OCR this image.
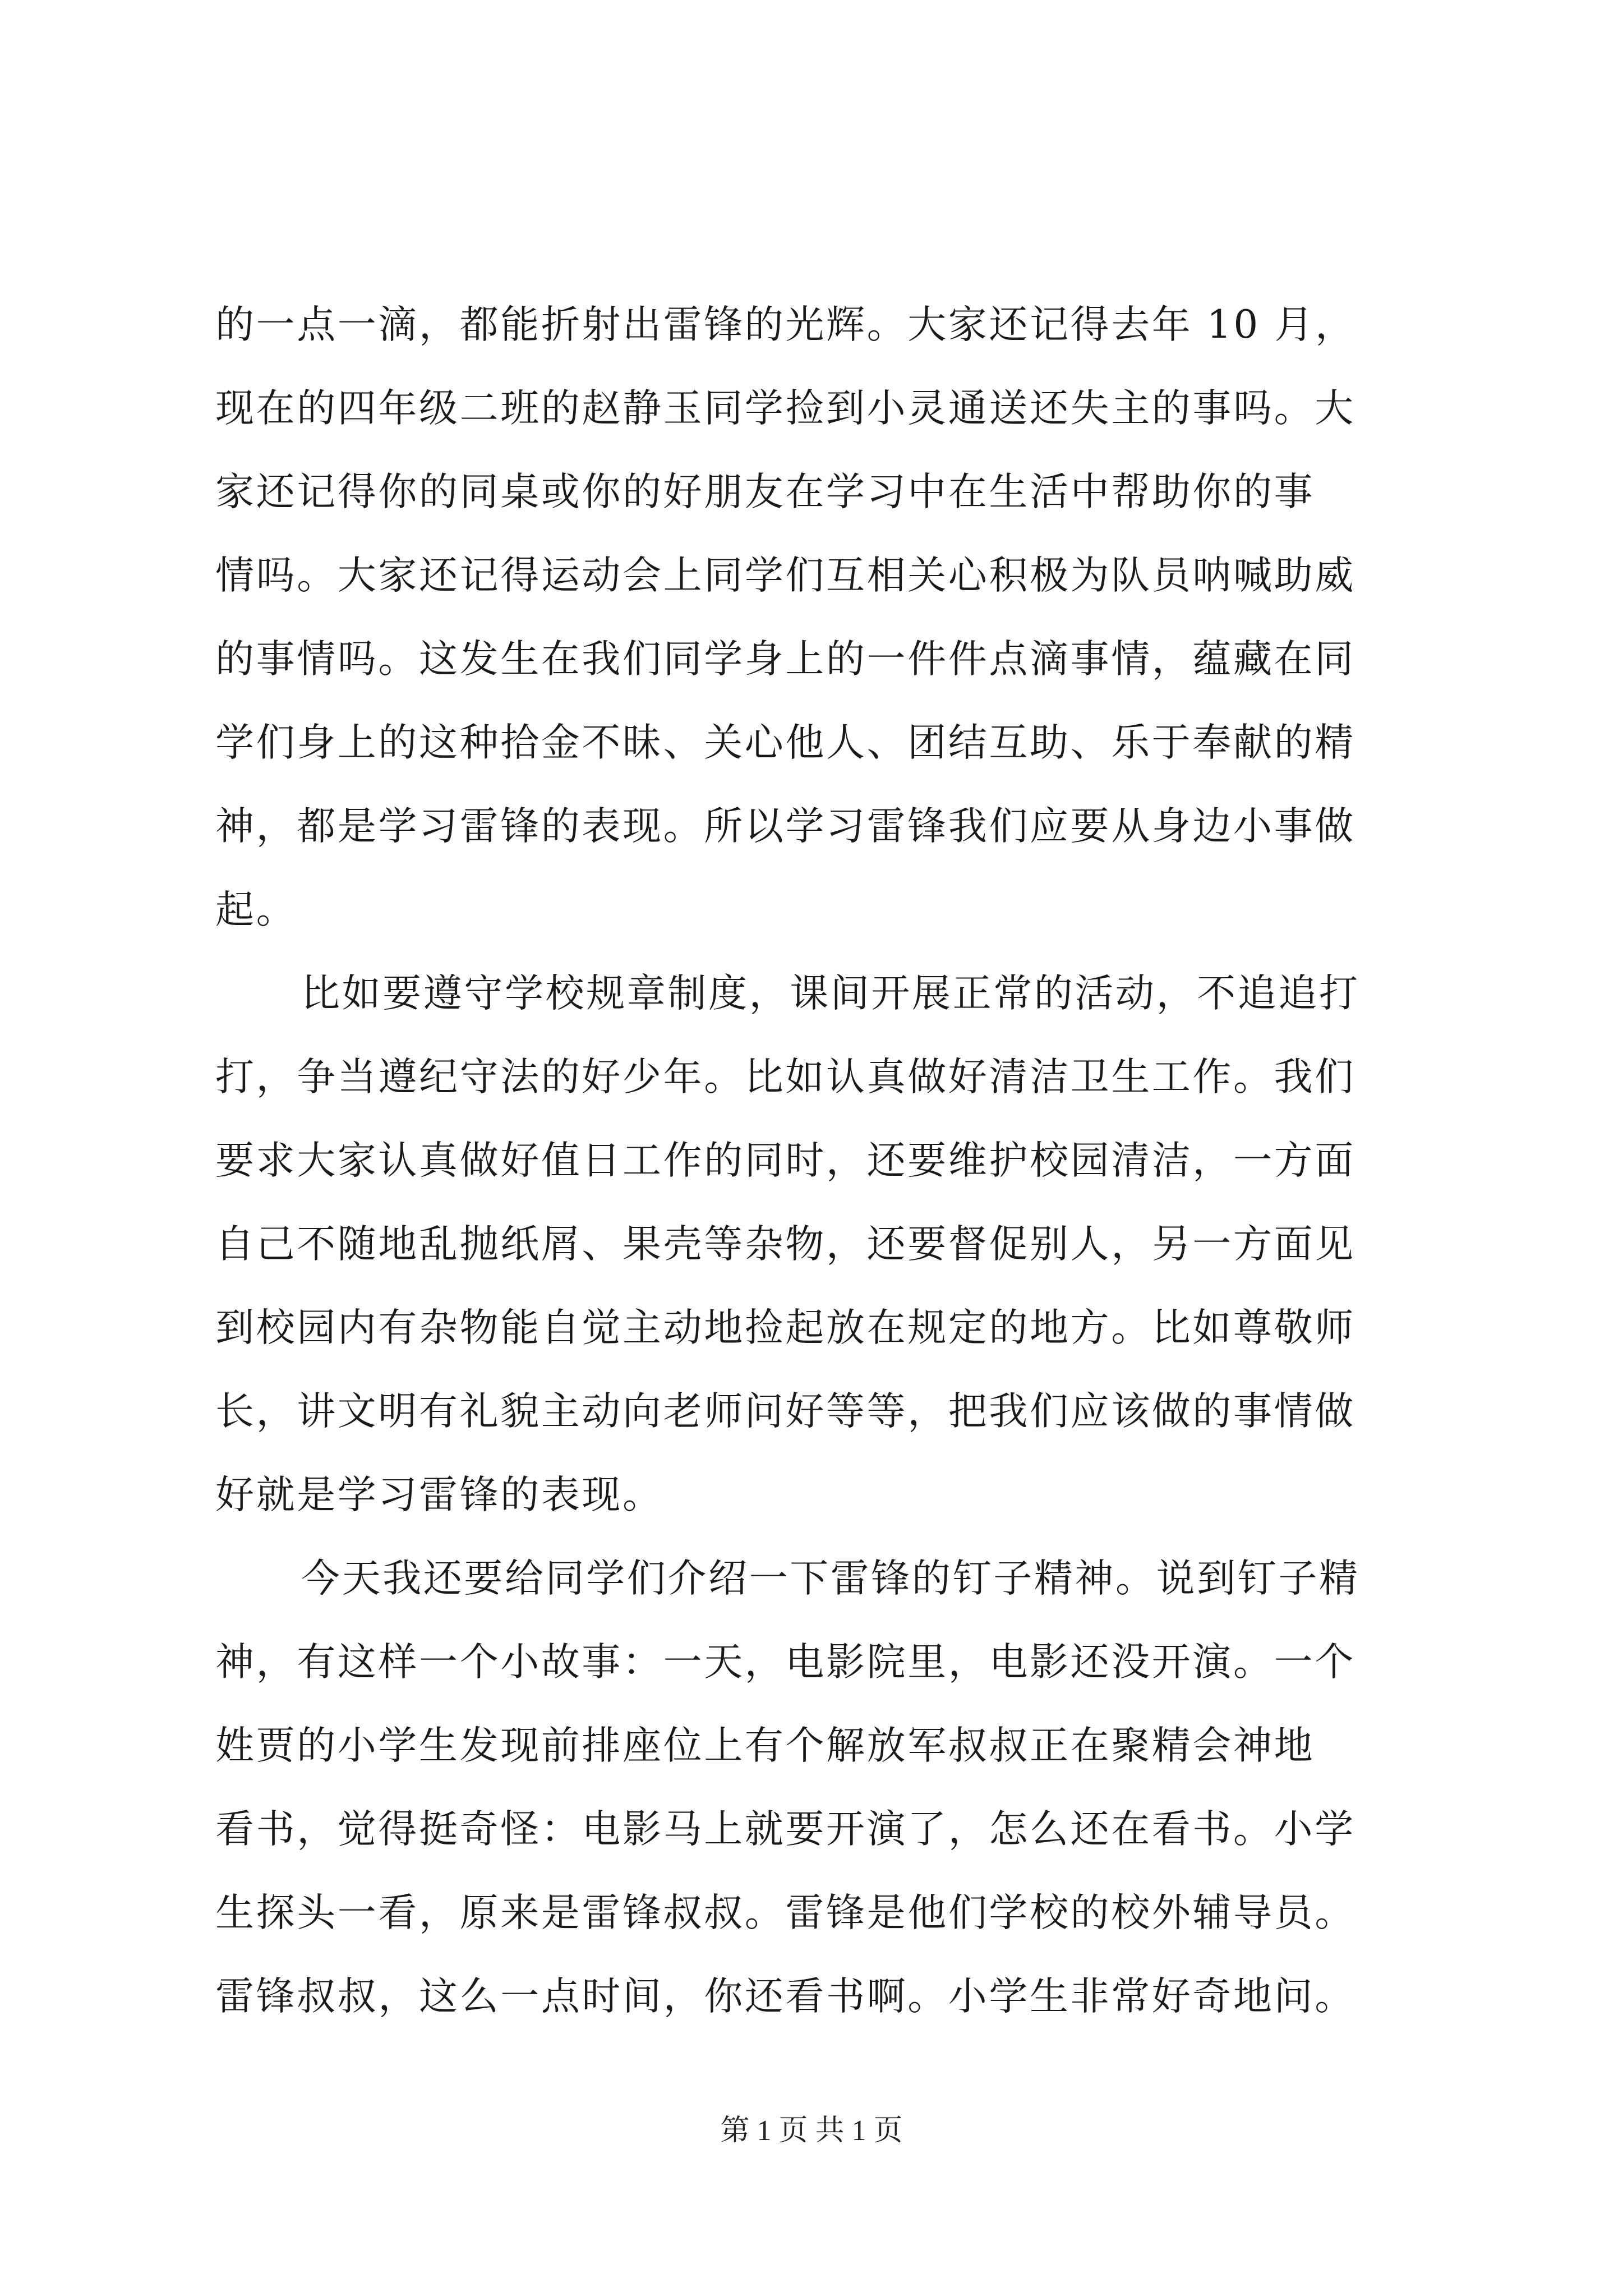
的一点一滴，都能折射出雷锋的光辉。大家还记得去年 10 月，
现在的四年级二班的赵静玉同学捡到小灵通送还失主的事吗。大
家还记得你的同桌或你的好朋友在学习中在生活中帮助你的事
情吗。大家还记得运动会上同学们互相关心积极为队员呐喊助威
的事情吗。这发生在我们同学身上的一件件点滴事情，蕴藏在同
学们身上的这种拾金不昧、关心他人、团结互助、乐于奉献的精
神，都是学习雷锋的表现。所以学习雷锋我们应要从身边小事做
起。
比如要遵守学校规章制度，课间开展正常的活动，不追追打
打，争当遵纪守法的好少年。比如认真做好清洁卫生工作。我们
要求大家认真做好值日工作的同时，还要维护校园清洁，一方面
自己不随地乱抛纸屑、果壳等杂物，还要督促别人，另一方面见
到校园内有杂物能自觉主动地捡起放在规定的地方。比如尊敬师
长，讲文明有礼貌主动向老师问好等等，把我们应该做的事情做
好就是学习雷锋的表现。
今天我还要给同学们介绍一下雷锋的钉子精神。说到钉子精
神，有这样一个小故事：一天，电影院里，电影还没开演。一个
姓贾的小学生发现前排座位上有个解放军叔叔正在聚精会神地
看书，觉得挺奇怪：电影马上就要开演了，怎么还在看书。小学
生探头一看，原来是雷锋叔叔。雷锋是他们学校的校外辅导员。
雷锋叔叔，这么一点时间，你还看书啊。小学生非常好奇地问。
第 1 页 共 1 页
